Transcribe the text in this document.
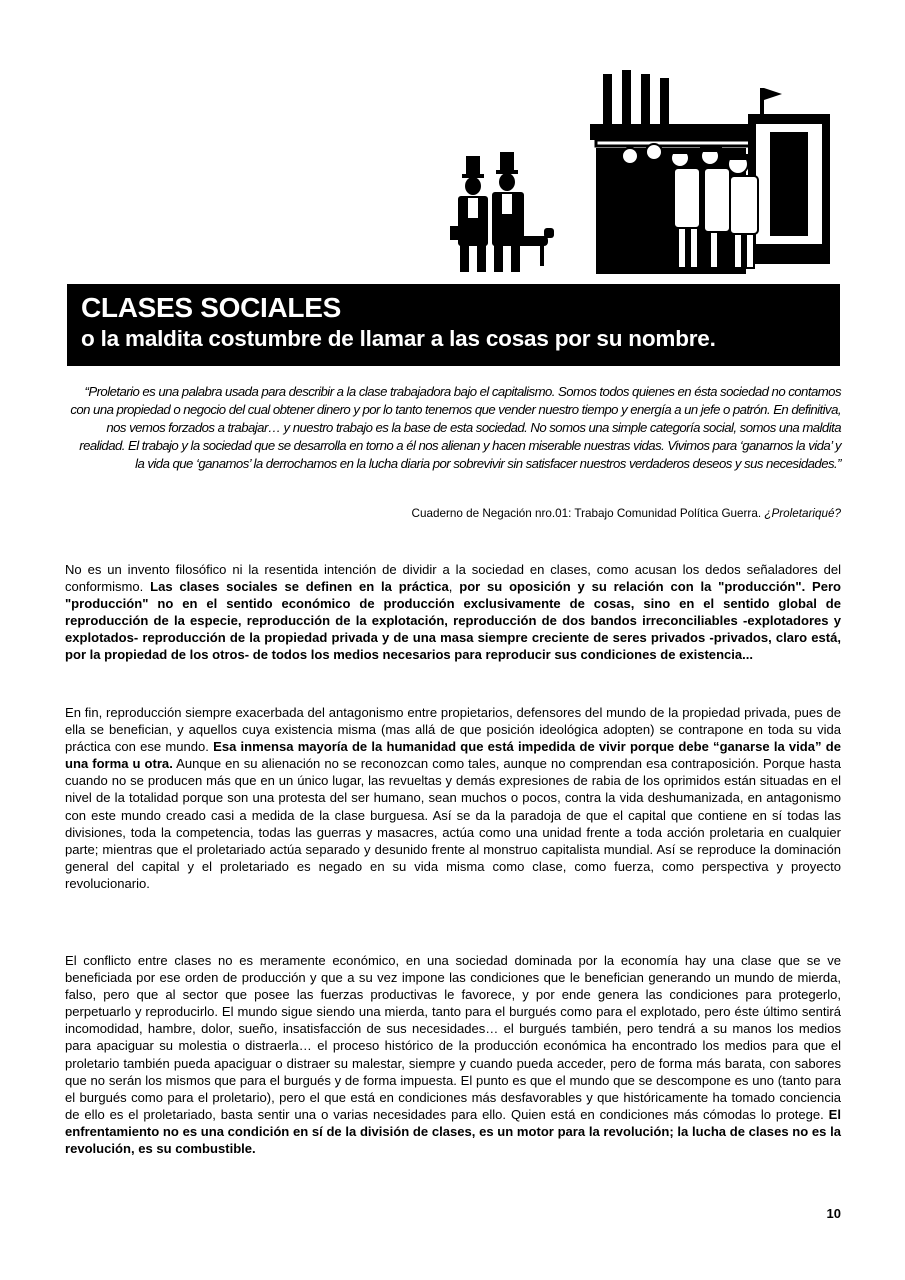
CLASES SOCIALES
o la maldita costumbre de llamar a las cosas por su nombre.
“Proletario es una palabra usada para describir a la clase trabajadora bajo el capitalismo. Somos todos quienes en ésta sociedad no contamos con una propiedad o negocio del cual obtener dinero y por lo tanto tenemos que vender nuestro tiempo y energía a un jefe o patrón. En definitiva, nos vemos forzados a trabajar… y nuestro trabajo es la base de esta sociedad. No somos una simple categoría social, somos una maldita realidad. El trabajo y la sociedad que se desarrolla en torno a él nos alienan y hacen miserable nuestras vidas. Vivimos para ‘ganarnos la vida’ y la vida que ‘ganamos’ la derrochamos en la lucha diaria por sobrevivir sin satisfacer nuestros verdaderos deseos y sus necesidades.”
Cuaderno de Negación nro.01: Trabajo Comunidad Política Guerra. ¿Proletariqué?

No es un invento filosófico ni la resentida intención de dividir a la sociedad en clases, como acusan los dedos señaladores del conformismo. Las clases sociales se definen en la práctica, por su oposición y su relación con la "producción". Pero "producción" no en el sentido económico de producción exclusivamente de cosas, sino en el sentido global de reproducción de la especie, reproducción de la explotación, reproducción de dos bandos irreconciliables -explotadores y explotados- reproducción de la propiedad privada y de una masa siempre creciente de seres privados -privados, claro está, por la propiedad de los otros- de todos los medios necesarios para reproducir sus condiciones de existencia...

En fin, reproducción siempre exacerbada del antagonismo entre propietarios, defensores del mundo de la propiedad privada, pues de ella se benefician, y aquellos cuya existencia misma (mas allá de que posición ideológica adopten) se contrapone en toda su vida práctica con ese mundo. Esa inmensa mayoría de la humanidad que está impedida de vivir porque debe “ganarse la vida” de una forma u otra. Aunque en su alienación no se reconozcan como tales, aunque no comprendan esa contraposición. Porque hasta cuando no se producen más que en un único lugar, las revueltas y demás expresiones de rabia de los oprimidos están situadas en el nivel de la totalidad porque son una protesta del ser humano, sean muchos o pocos, contra la vida deshumanizada, en antagonismo con este mundo creado casi a medida de la clase burguesa. Así se da la paradoja de que el capital que contiene en sí todas las divisiones, toda la competencia, todas las guerras y masacres, actúa como una unidad frente a toda acción proletaria en cualquier parte; mientras que el proletariado actúa separado y desunido frente al monstruo capitalista mundial. Así se reproduce la dominación general del capital y el proletariado es negado en su vida misma como clase, como fuerza, como perspectiva y proyecto revolucionario.

El conflicto entre clases no es meramente económico, en una sociedad dominada por la economía hay una clase que se ve beneficiada por ese orden de producción y que a su vez impone las condiciones que le benefician generando un mundo de mierda, falso, pero que al sector que posee las fuerzas productivas le favorece, y por ende genera las condiciones para protegerlo, perpetuarlo y reproducirlo. El mundo sigue siendo una mierda, tanto para el burgués como para el explotado, pero éste último sentirá incomodidad, hambre, dolor, sueño, insatisfacción de sus necesidades… el burgués también, pero tendrá a su manos los medios para apaciguar su molestia o distraerla… el proceso histórico de la producción económica ha encontrado los medios para que el proletario también pueda apaciguar o distraer su malestar, siempre y cuando pueda acceder, pero de forma más barata, con sabores que no serán los mismos que para el burgués y de forma impuesta. El punto es que el mundo que se descompone es uno (tanto para el burgués como para el proletario), pero el que está en condiciones más desfavorables y que históricamente ha tomado conciencia de ello es el proletariado, basta sentir una o varias necesidades para ello. Quien está en condiciones más cómodas lo protege. El enfrentamiento no es una condición en sí de la división de clases, es un motor para la revolución; la lucha de clases no es la revolución, es su combustible.

10
